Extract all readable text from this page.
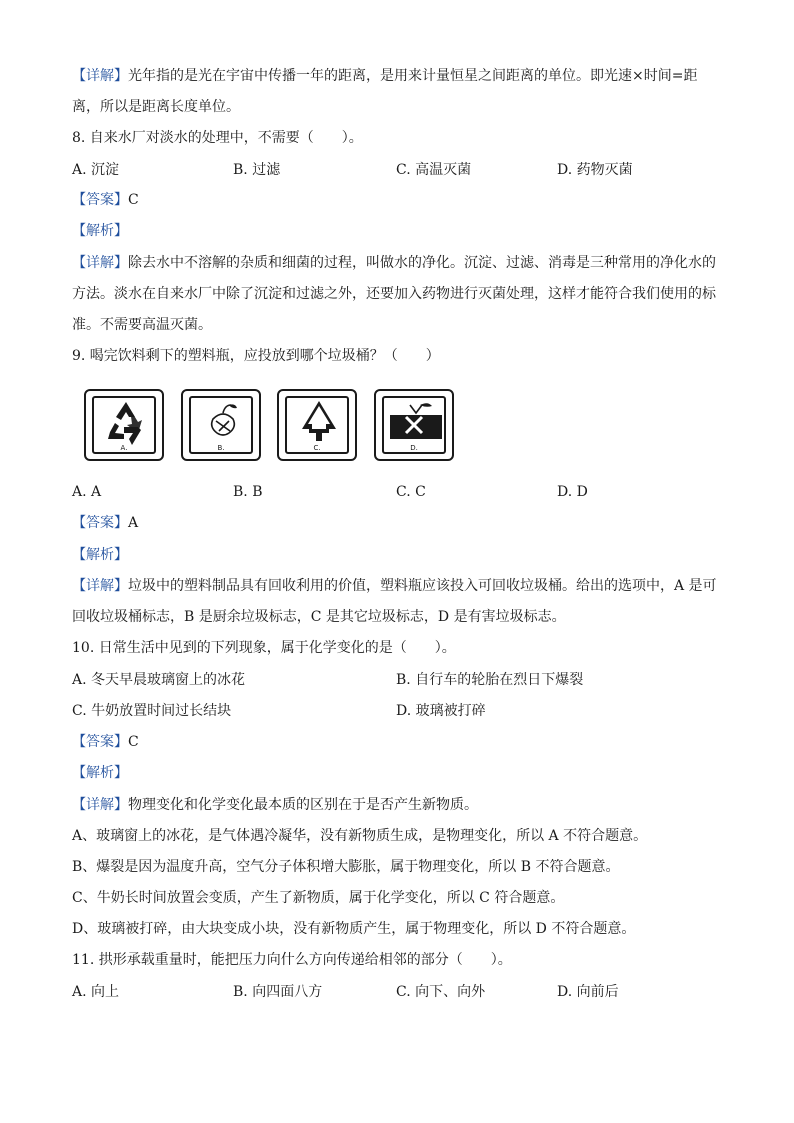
【详解】光年指的是光在宇宙中传播一年的距离，是用来计量恒星之间距离的单位。即光速×时间=距
离，所以是距离长度单位。
8. 自来水厂对淡水的处理中，不需要（　　）。
A. 沉淀	B. 过滤	C. 高温灭菌	D. 药物灭菌
【答案】C
【解析】
【详解】除去水中不溶解的杂质和细菌的过程，叫做水的净化。沉淀、过滤、消毒是三种常用的净化水的
方法。淡水在自来水厂中除了沉淀和过滤之外，还要加入药物进行灭菌处理，这样才能符合我们使用的标
准。不需要高温灭菌。
9. 喝完饮料剩下的塑料瓶，应投放到哪个垃圾桶？（　　）
A.	B.	C.	D.
A. A	B. B	C. C	D. D
【答案】A
【解析】
【详解】垃圾中的塑料制品具有回收利用的价值，塑料瓶应该投入可回收垃圾桶。给出的选项中，A 是可
回收垃圾桶标志，B 是厨余垃圾标志，C 是其它垃圾标志，D 是有害垃圾标志。
10. 日常生活中见到的下列现象，属于化学变化的是（　　）。
A. 冬天早晨玻璃窗上的冰花	B. 自行车的轮胎在烈日下爆裂
C. 牛奶放置时间过长结块	D. 玻璃被打碎
【答案】C
【解析】
【详解】物理变化和化学变化最本质的区别在于是否产生新物质。
A、玻璃窗上的冰花，是气体遇冷凝华，没有新物质生成，是物理变化，所以 A 不符合题意。
B、爆裂是因为温度升高，空气分子体积增大膨胀，属于物理变化，所以 B 不符合题意。
C、牛奶长时间放置会变质，产生了新物质，属于化学变化，所以 C 符合题意。
D、玻璃被打碎，由大块变成小块，没有新物质产生，属于物理变化，所以 D 不符合题意。
11. 拱形承载重量时，能把压力向什么方向传递给相邻的部分（　　）。
A. 向上	B. 向四面八方	C. 向下、向外	D. 向前后
